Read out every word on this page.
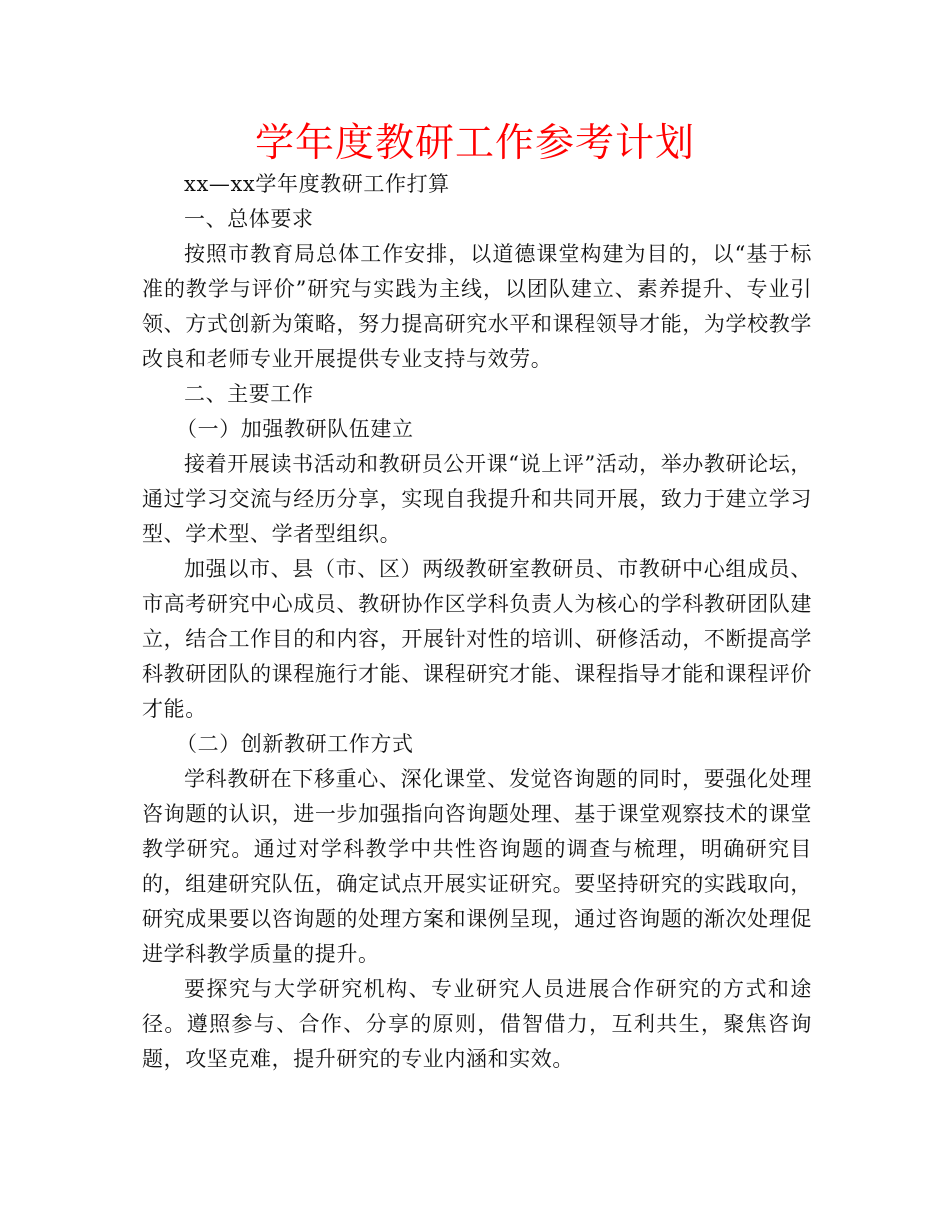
学年度教研工作参考计划

xx—xx学年度教研工作打算

一、总体要求

按照市教育局总体工作安排，以道德课堂构建为目的，以“基于标准的教学与评价”研究与实践为主线，以团队建立、素养提升、专业引领、方式创新为策略，努力提高研究水平和课程领导才能，为学校教学改良和老师专业开展提供专业支持与效劳。

二、主要工作

（一）加强教研队伍建立

接着开展读书活动和教研员公开课“说上评”活动，举办教研论坛，通过学习交流与经历分享，实现自我提升和共同开展，致力于建立学习型、学术型、学者型组织。

加强以市、县（市、区）两级教研室教研员、市教研中心组成员、市高考研究中心成员、教研协作区学科负责人为核心的学科教研团队建立，结合工作目的和内容，开展针对性的培训、研修活动，不断提高学科教研团队的课程施行才能、课程研究才能、课程指导才能和课程评价才能。

（二）创新教研工作方式

学科教研在下移重心、深化课堂、发觉咨询题的同时，要强化处理咨询题的认识，进一步加强指向咨询题处理、基于课堂观察技术的课堂教学研究。通过对学科教学中共性咨询题的调查与梳理，明确研究目的，组建研究队伍，确定试点开展实证研究。要坚持研究的实践取向，研究成果要以咨询题的处理方案和课例呈现，通过咨询题的渐次处理促进学科教学质量的提升。

要探究与大学研究机构、专业研究人员进展合作研究的方式和途径。遵照参与、合作、分享的原则，借智借力，互利共生，聚焦咨询题，攻坚克难，提升研究的专业内涵和实效。
